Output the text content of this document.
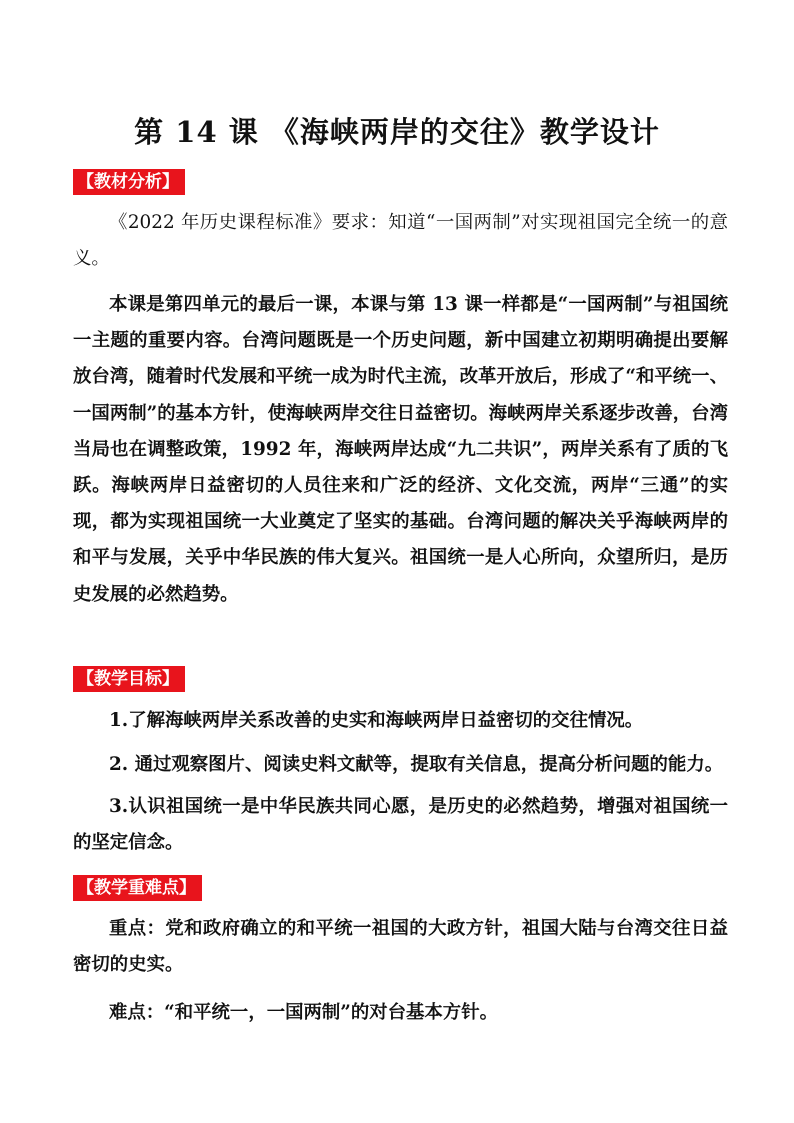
第 14 课 《海峡两岸的交往》教学设计
【教材分析】

《2022 年历史课程标准》要求：知道“一国两制”对实现祖国完全统一的意义。

本课是第四单元的最后一课，本课与第 13 课一样都是“一国两制”与祖国统一主题的重要内容。台湾问题既是一个历史问题，新中国建立初期明确提出要解放台湾，随着时代发展和平统一成为时代主流，改革开放后，形成了“和平统一、一国两制”的基本方针，使海峡两岸交往日益密切。海峡两岸关系逐步改善，台湾当局也在调整政策，1992 年，海峡两岸达成“九二共识”，两岸关系有了质的飞跃。海峡两岸日益密切的人员往来和广泛的经济、文化交流，两岸“三通”的实现，都为实现祖国统一大业奠定了坚实的基础。台湾问题的解决关乎海峡两岸的和平与发展，关乎中华民族的伟大复兴。祖国统一是人心所向，众望所归，是历史发展的必然趋势。

【教学目标】

1.了解海峡两岸关系改善的史实和海峡两岸日益密切的交往情况。

2. 通过观察图片、阅读史料文献等，提取有关信息，提高分析问题的能力。

3.认识祖国统一是中华民族共同心愿，是历史的必然趋势，增强对祖国统一的坚定信念。

【教学重难点】

重点：党和政府确立的和平统一祖国的大政方针，祖国大陆与台湾交往日益密切的史实。

难点：“和平统一，一国两制”的对台基本方针。
